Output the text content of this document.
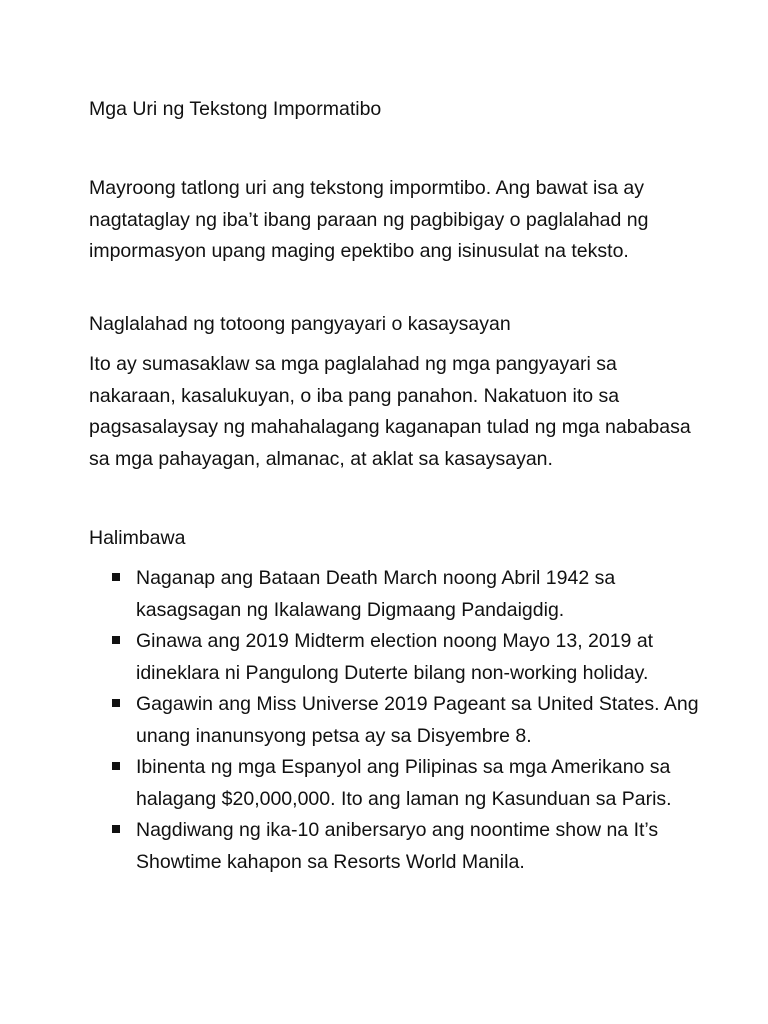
Mga Uri ng Tekstong Impormatibo

Mayroong tatlong uri ang tekstong impormtibo. Ang bawat isa ay nagtataglay ng iba’t ibang paraan ng pagbibigay o paglalahad ng impormasyon upang maging epektibo ang isinusulat na teksto.

Naglalahad ng totoong pangyayari o kasaysayan

Ito ay sumasaklaw sa mga paglalahad ng mga pangyayari sa nakaraan, kasalukuyan, o iba pang panahon. Nakatuon ito sa pagsasalaysay ng mahahalagang kaganapan tulad ng mga nababasa sa mga pahayagan, almanac, at aklat sa kasaysayan.

Halimbawa

Naganap ang Bataan Death March noong Abril 1942 sa kasagsagan ng Ikalawang Digmaang Pandaigdig.
Ginawa ang 2019 Midterm election noong Mayo 13, 2019 at idineklara ni Pangulong Duterte bilang non-working holiday.
Gagawin ang Miss Universe 2019 Pageant sa United States. Ang unang inanunsyong petsa ay sa Disyembre 8.
Ibinenta ng mga Espanyol ang Pilipinas sa mga Amerikano sa halagang $20,000,000. Ito ang laman ng Kasunduan sa Paris.
Nagdiwang ng ika-10 anibersaryo ang noontime show na It’s Showtime kahapon sa Resorts World Manila.
